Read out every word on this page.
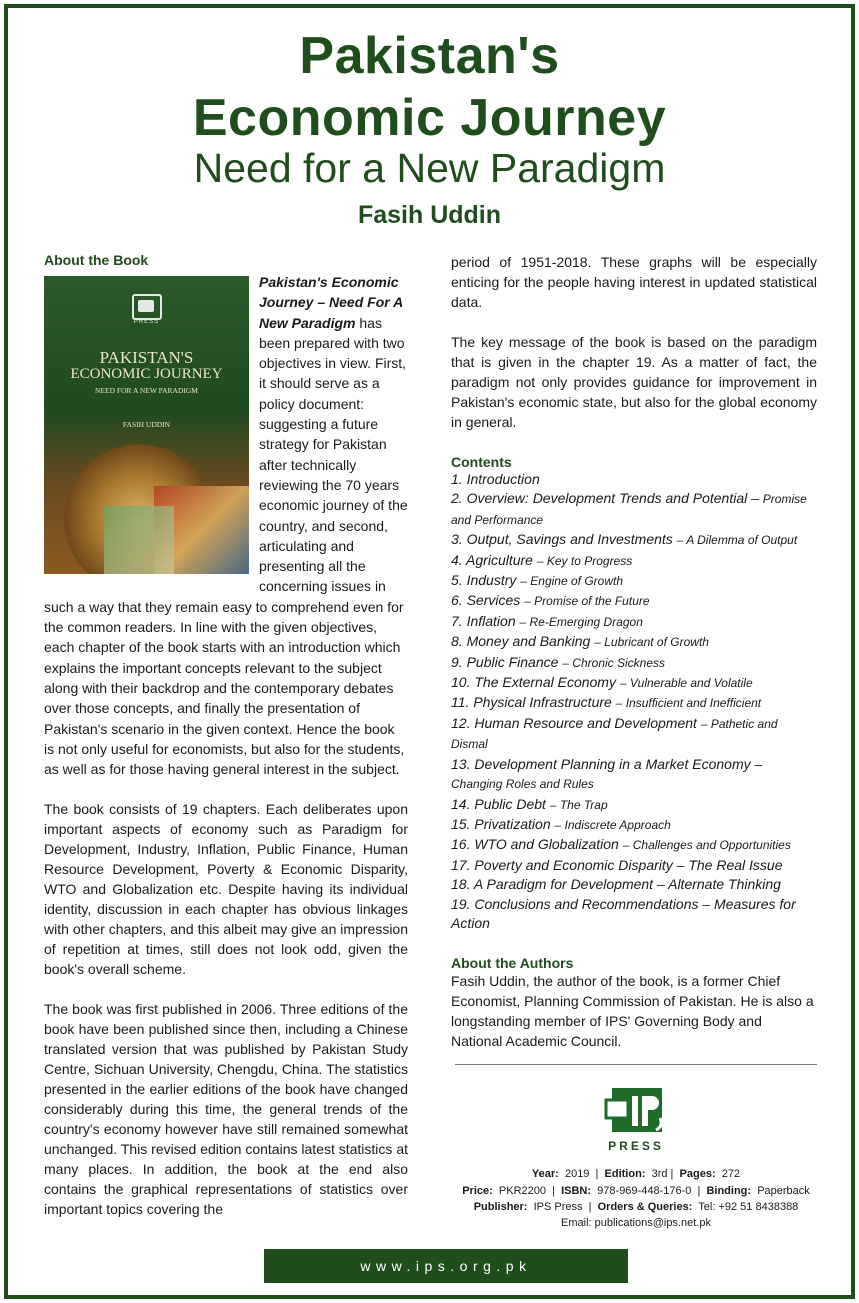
Pakistan's
Economic Journey
Need for a New Paradigm
Fasih Uddin
About the Book
PRESS
PAKISTAN'S
ECONOMIC JOURNEY
NEED FOR A NEW PARADIGM
FASIH UDDIN

Pakistan's Economic Journey – Need For A New Paradigm has been prepared with two objectives in view. First, it should serve as a policy document: suggesting a future strategy for Pakistan after technically reviewing the 70 years economic journey of the country, and second, articulating and presenting all the concerning issues in such a way that they remain easy to comprehend even for the common readers. In line with the given objectives, each chapter of the book starts with an introduction which explains the important concepts relevant to the subject along with their backdrop and the contemporary debates over those concepts, and finally the presentation of Pakistan's scenario in the given context. Hence the book is not only useful for economists, but also for the students, as well as for those having general interest in the subject.

The book consists of 19 chapters. Each deliberates upon important aspects of economy such as Paradigm for Development, Industry, Inflation, Public Finance, Human Resource Development, Poverty & Economic Disparity, WTO and Globalization etc. Despite having its individual identity, discussion in each chapter has obvious linkages with other chapters, and this albeit may give an impression of repetition at times, still does not look odd, given the book's overall scheme.

The book was first published in 2006. Three editions of the book have been published since then, including a Chinese translated version that was published by Pakistan Study Centre, Sichuan University, Chengdu, China. The statistics presented in the earlier editions of the book have changed considerably during this time, the general trends of the country's economy however have still remained somewhat unchanged. This revised edition contains latest statistics at many places. In addition, the book at the end also contains the graphical representations of statistics over important topics covering the

period of 1951-2018. These graphs will be especially enticing for the people having interest in updated statistical data.

The key message of the book is based on the paradigm that is given in the chapter 19. As a matter of fact, the paradigm not only provides guidance for improvement in Pakistan's economic state, but also for the global economy in general.

Contents
1. Introduction
2. Overview: Development Trends and Potential – Promise and Performance
3. Output, Savings and Investments – A Dilemma of Output
4. Agriculture – Key to Progress
5. Industry – Engine of Growth
6. Services – Promise of the Future
7. Inflation – Re-Emerging Dragon
8. Money and Banking – Lubricant of Growth
9. Public Finance – Chronic Sickness
10. The External Economy – Vulnerable and Volatile
11. Physical Infrastructure – Insufficient and Inefficient
12. Human Resource and Development – Pathetic and Dismal
13. Development Planning in a Market Economy – Changing Roles and Rules
14. Public Debt – The Trap
15. Privatization – Indiscrete Approach
16. WTO and Globalization – Challenges and Opportunities
17. Poverty and Economic Disparity – The Real Issue
18. A Paradigm for Development – Alternate Thinking
19. Conclusions and Recommendations – Measures for Action
About the Authors

Fasih Uddin, the author of the book, is a former Chief Economist, Planning Commission of Pakistan. He is also a longstanding member of IPS' Governing Body and National Academic Council.

PRESS
Year: 2019  |  Edition: 3rd |  Pages: 272
Price: PKR2200  |  ISBN: 978-969-448-176-0  |  Binding: Paperback
Publisher: IPS Press  |  Orders & Queries: Tel: +92 51 8438388
Email: publications@ips.net.pk
www.ips.org.pk
